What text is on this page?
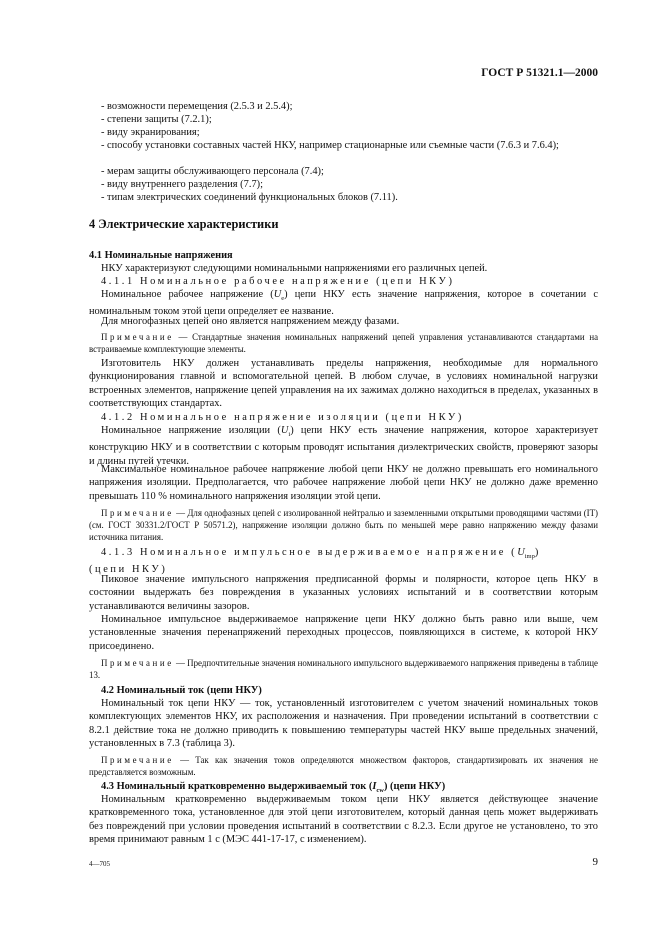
ГОСТ Р 51321.1—2000
- возможности перемещения (2.5.3 и 2.5.4);
- степени защиты (7.2.1);
- виду экранирования;
- способу установки составных частей НКУ, например стационарные или съемные части (7.6.3 и 7.6.4);
- мерам защиты обслуживающего персонала (7.4);
- виду внутреннего разделения (7.7);
- типам электрических соединений функциональных блоков (7.11).
4 Электрические характеристики
4.1 Номинальные напряжения
НКУ характеризуют следующими номинальными напряжениями его различных цепей.
4.1.1 Номинальное рабочее напряжение (цепи НКУ)
Номинальное рабочее напряжение $(U_e)$ цепи НКУ есть значение напряжения, которое в сочетании с номинальным током этой цепи определяет ее название.
Для многофазных цепей оно является напряжением между фазами.
Примечание — Стандартные значения номинальных напряжений цепей управления устанавливаются стандартами на встраиваемые комплектующие элементы.
Изготовитель НКУ должен устанавливать пределы напряжения, необходимые для нормального функционирования главной и вспомогательной цепей. В любом случае, в условиях номинальной нагрузки встроенных элементов, напряжение цепей управления на их зажимах должно находиться в пределах, указанных в соответствующих стандартах.
4.1.2 Номинальное напряжение изоляции (цепи НКУ)
Номинальное напряжение изоляции $(U_i)$ цепи НКУ есть значение напряжения, которое характеризует конструкцию НКУ и в соответствии с которым проводят испытания диэлектрических свойств, проверяют зазоры и длины путей утечки.
Максимальное номинальное рабочее напряжение любой цепи НКУ не должно превышать его номинального напряжения изоляции. Предполагается, что рабочее напряжение любой цепи НКУ не должно даже временно превышать 110 % номинального напряжения изоляции этой цепи.
Примечание — Для однофазных цепей с изолированной нейтралью и заземленными открытыми проводящими частями (IT) (см. ГОСТ 30331.2/ГОСТ Р 50571.2), напряжение изоляции должно быть по меньшей мере равно напряжению между фазами источника питания.
4.1.3 Номинальное импульсное выдерживаемое напряжение $(U_{imp})$
(цепи НКУ)
Пиковое значение импульсного напряжения предписанной формы и полярности, которое цепь НКУ в состоянии выдержать без повреждения в указанных условиях испытаний и в соответствии которым устанавливаются величины зазоров.
Номинальное импульсное выдерживаемое напряжение цепи НКУ должно быть равно или выше, чем установленные значения перенапряжений переходных процессов, появляющихся в системе, к которой НКУ присоединено.
Примечание — Предпочтительные значения номинального импульсного выдерживаемого напряжения приведены в таблице 13.
4.2 Номинальный ток (цепи НКУ)
Номинальный ток цепи НКУ — ток, установленный изготовителем с учетом значений номинальных токов комплектующих элементов НКУ, их расположения и назначения. При проведении испытаний в соответствии с 8.2.1 действие тока не должно приводить к повышению температуры частей НКУ выше предельных значений, установленных в 7.3 (таблица 3).
Примечание — Так как значения токов определяются множеством факторов, стандартизировать их значения не представляется возможным.
4.3 Номинальный кратковременно выдерживаемый ток $(I_{cw})$ (цепи НКУ)
Номинальным кратковременно выдерживаемым током цепи НКУ является действующее значение кратковременного тока, установленное для этой цепи изготовителем, который данная цепь может выдерживать без повреждений при условии проведения испытаний в соответствии с 8.2.3. Если другое не установлено, то это время принимают равным 1 с (МЭС 441-17-17, с изменением).
4—705	9
